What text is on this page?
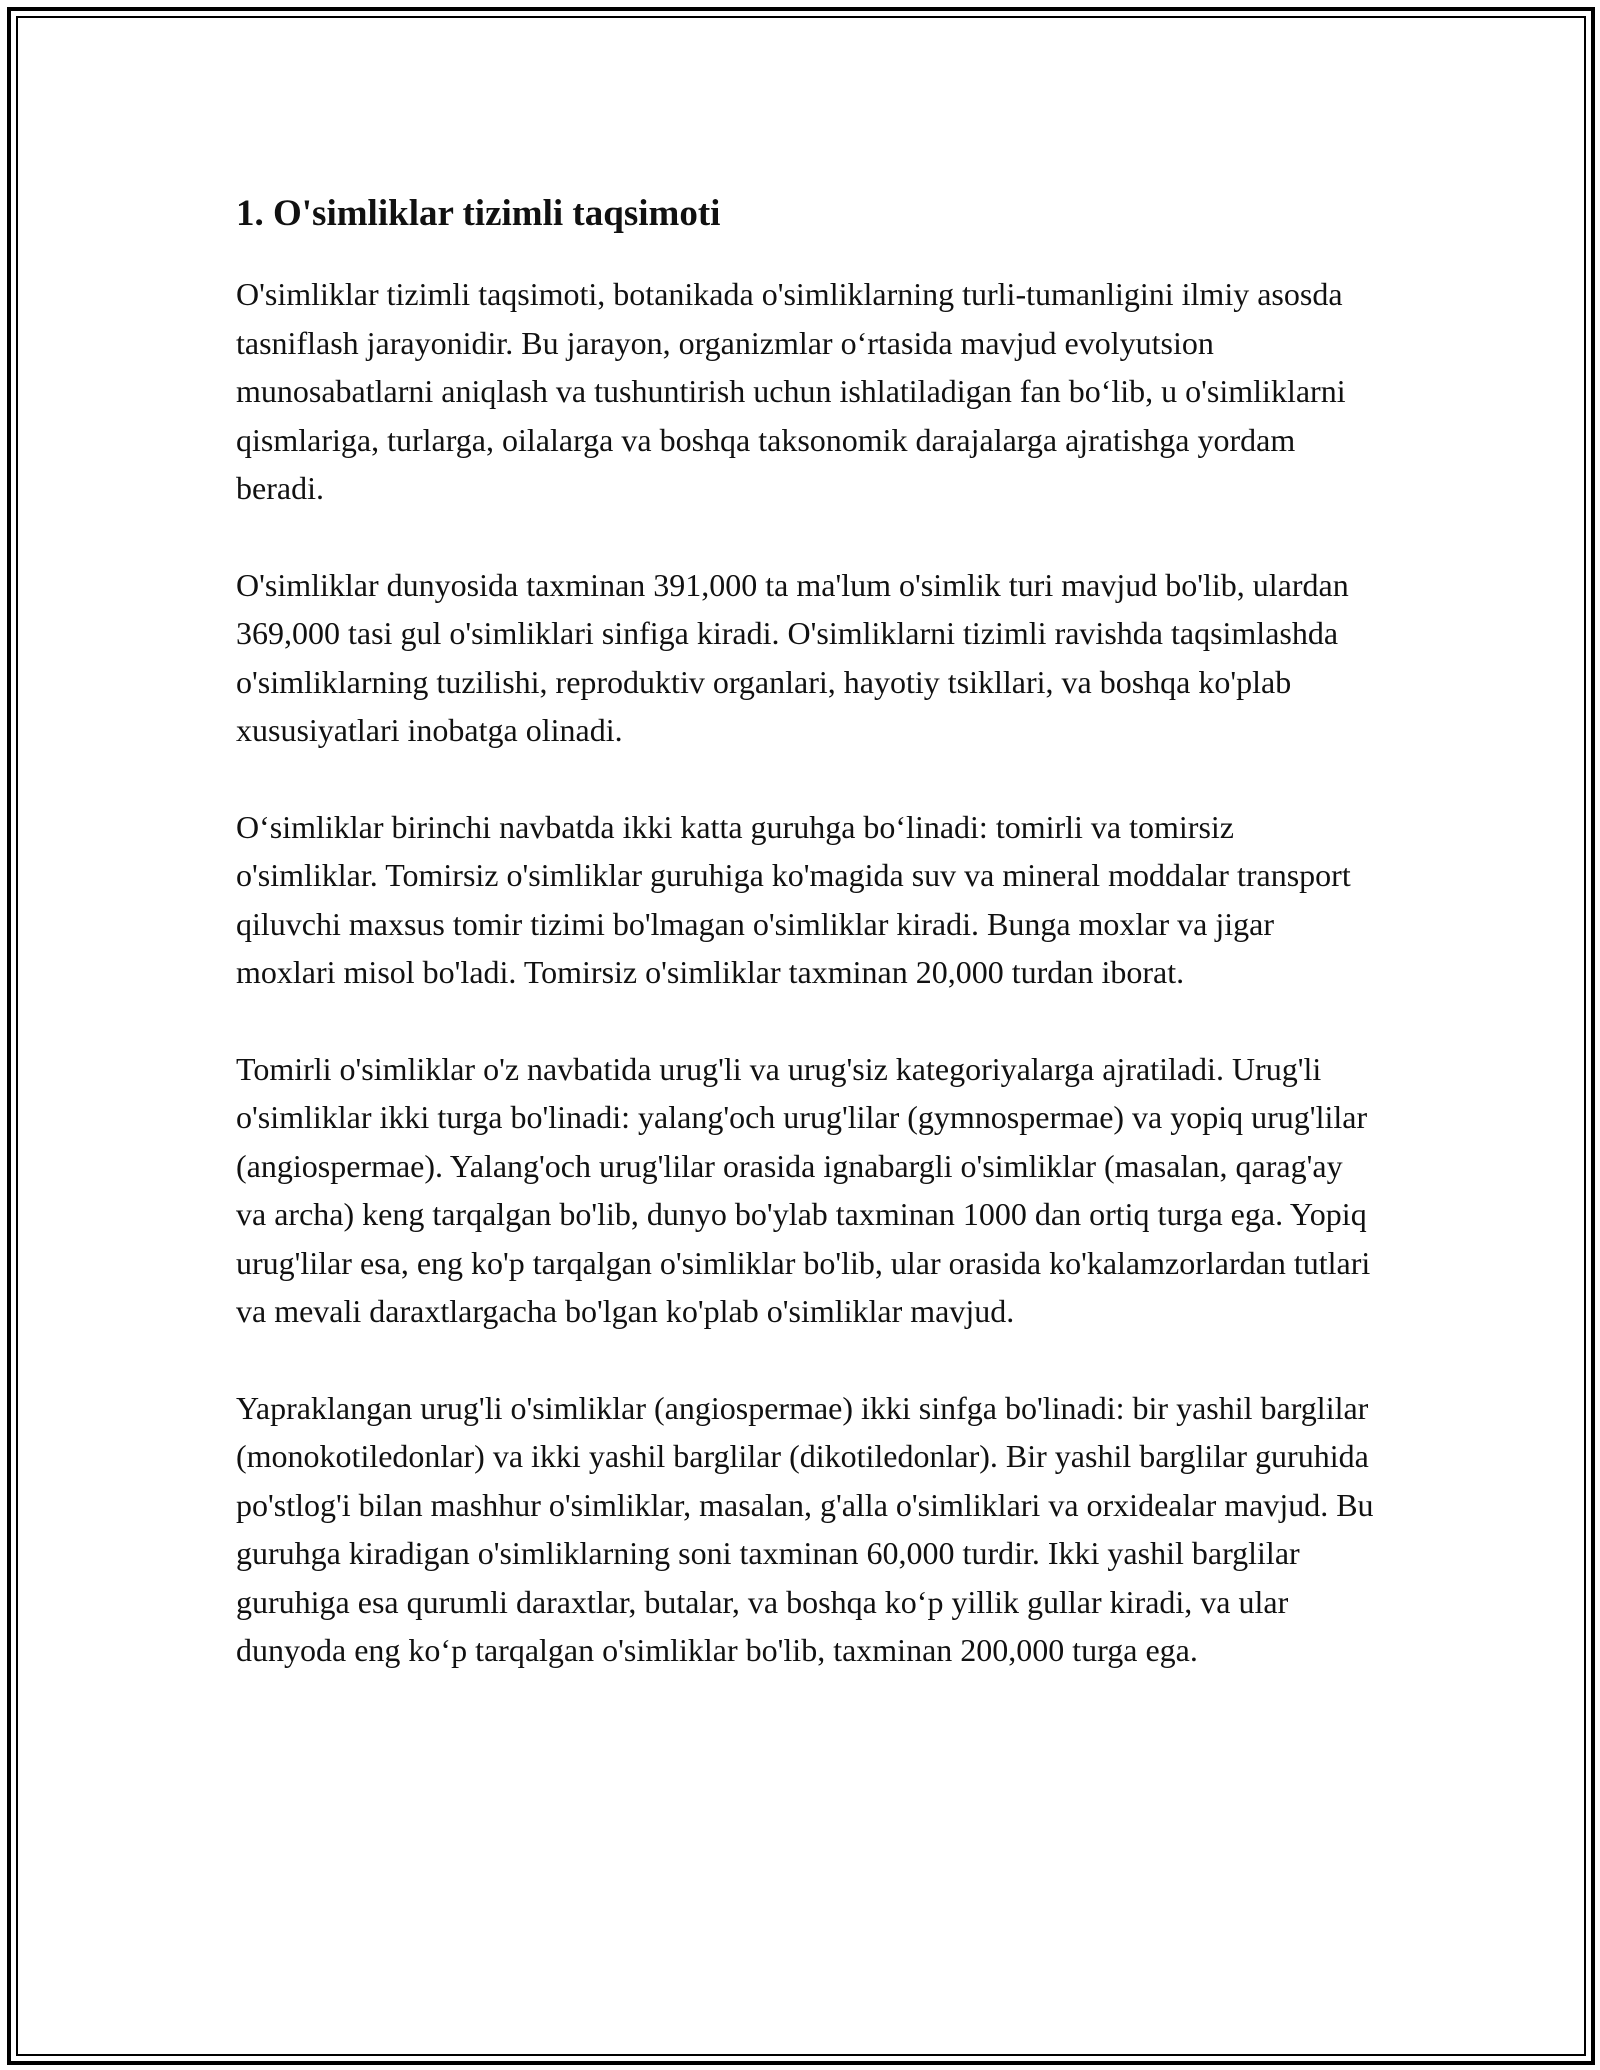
1. O'simliklar tizimli taqsimoti

O'simliklar tizimli taqsimoti, botanikada o'simliklarning turli-tumanligini ilmiy asosda tasniflash jarayonidir. Bu jarayon, organizmlar o‘rtasida mavjud evolyutsion munosabatlarni aniqlash va tushuntirish uchun ishlatiladigan fan bo‘lib, u o'simliklarni qismlariga, turlarga, oilalarga va boshqa taksonomik darajalarga ajratishga yordam beradi.

O'simliklar dunyosida taxminan 391,000 ta ma'lum o'simlik turi mavjud bo'lib, ulardan 369,000 tasi gul o'simliklari sinfiga kiradi. O'simliklarni tizimli ravishda taqsimlashda o'simliklarning tuzilishi, reproduktiv organlari, hayotiy tsikllari, va boshqa ko'plab xususiyatlari inobatga olinadi.

O‘simliklar birinchi navbatda ikki katta guruhga bo‘linadi: tomirli va tomirsiz o'simliklar. Tomirsiz o'simliklar guruhiga ko'magida suv va mineral moddalar transport qiluvchi maxsus tomir tizimi bo'lmagan o'simliklar kiradi. Bunga moxlar va jigar moxlari misol bo'ladi. Tomirsiz o'simliklar taxminan 20,000 turdan iborat.

Tomirli o'simliklar o'z navbatida urug'li va urug'siz kategoriyalarga ajratiladi. Urug'li o'simliklar ikki turga bo'linadi: yalang'och urug'lilar (gymnospermae) va yopiq urug'lilar (angiospermae). Yalang'och urug'lilar orasida ignabargli o'simliklar (masalan, qarag'ay va archa) keng tarqalgan bo'lib, dunyo bo'ylab taxminan 1000 dan ortiq turga ega. Yopiq urug'lilar esa, eng ko'p tarqalgan o'simliklar bo'lib, ular orasida ko'kalamzorlardan tutlari va mevali daraxtlargacha bo'lgan ko'plab o'simliklar mavjud.

Yapraklangan urug'li o'simliklar (angiospermae) ikki sinfga bo'linadi: bir yashil barglilar (monokotiledonlar) va ikki yashil barglilar (dikotiledonlar). Bir yashil barglilar guruhida po'stlog'i bilan mashhur o'simliklar, masalan, g'alla o'simliklari va orxidealar mavjud. Bu guruhga kiradigan o'simliklarning soni taxminan 60,000 turdir. Ikki yashil barglilar guruhiga esa qurumli daraxtlar, butalar, va boshqa ko‘p yillik gullar kiradi, va ular dunyoda eng ko‘p tarqalgan o'simliklar bo'lib, taxminan 200,000 turga ega.
